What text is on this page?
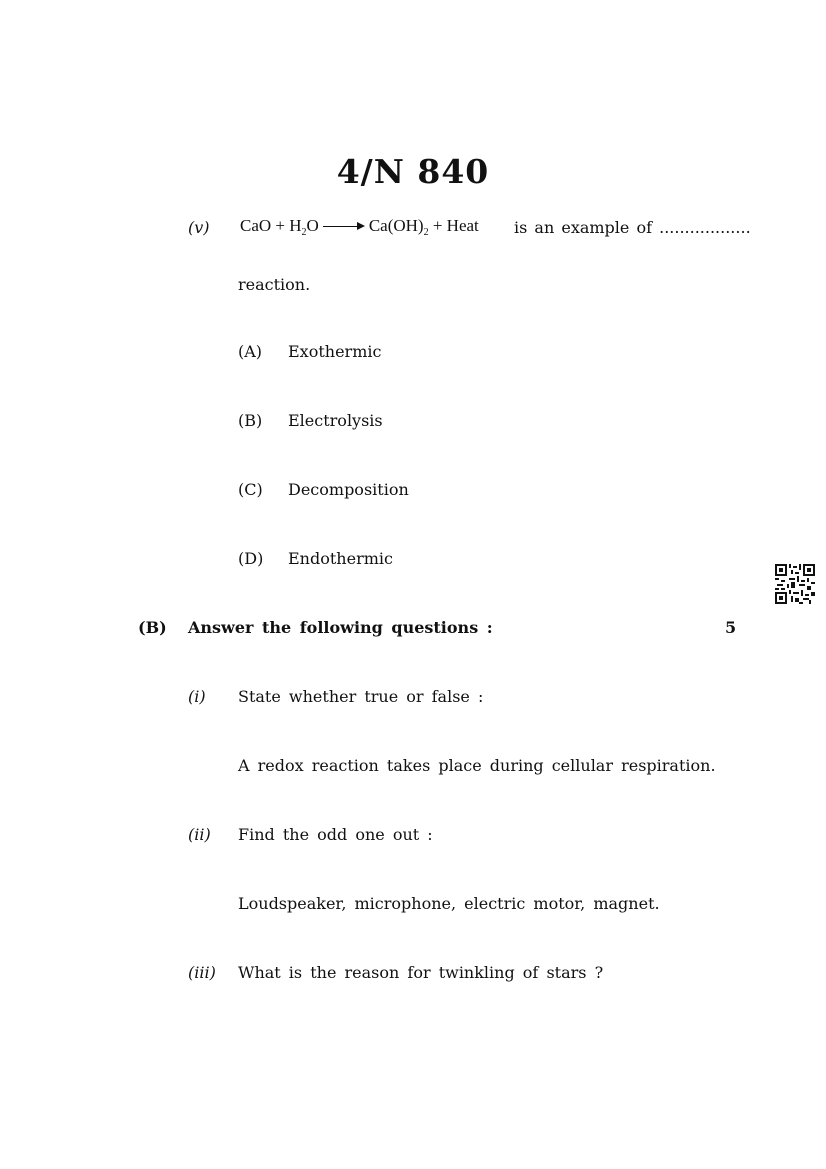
4/N 840
(v) CaO + $H_2O$	$Ca(OH)_2$ + Heat is an example of ..................
reaction.
(A) Exothermic
(B) Electrolysis
(C) Decomposition
(D) Endothermic
(B) Answer the following questions :	5
(i) State whether true or false :
A redox reaction takes place during cellular respiration.
(ii) Find the odd one out :
Loudspeaker, microphone, electric motor, magnet.
(iii) What is the reason for twinkling of stars ?
